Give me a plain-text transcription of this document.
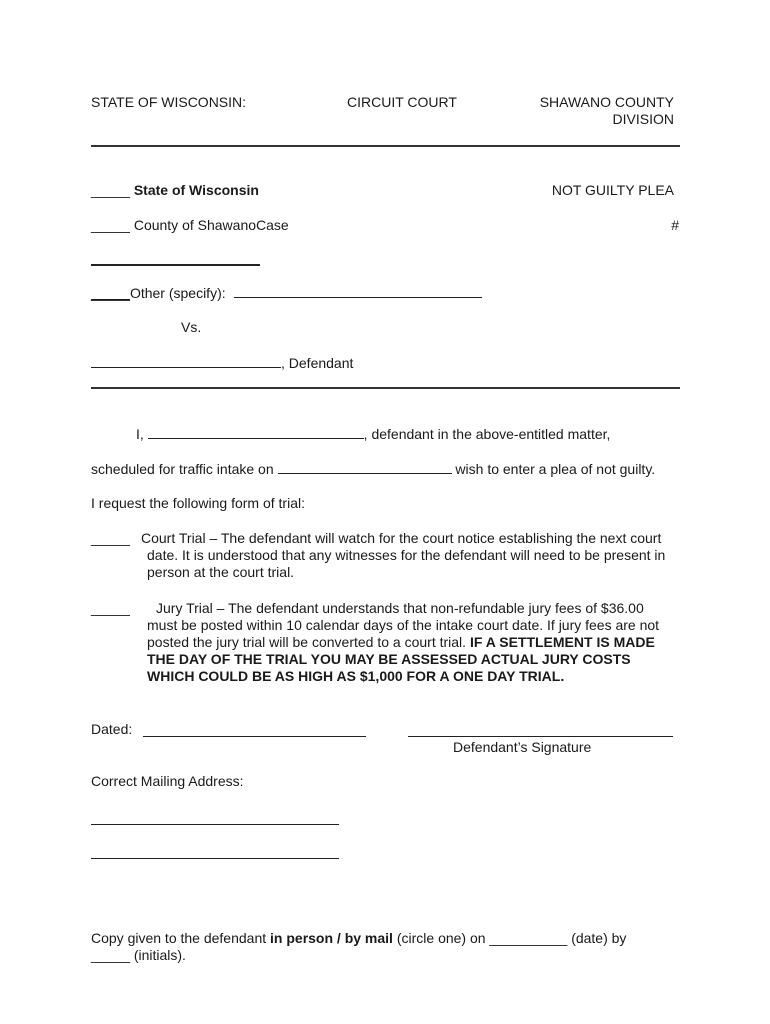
STATE OF WISCONSIN:	CIRCUIT COURT	SHAWANO COUNTY
DIVISION
_____ State of Wisconsin	NOT GUILTY PLEA
_____ County of ShawanoCase	#
_____Other (specify):
Vs.
, Defendant
I,	, defendant in the above-entitled matter,
scheduled for traffic intake on	wish to enter a plea of not guilty.
I request the following form of trial:
_____ Court Trial – The defendant will watch for the court notice establishing the next court date. It is understood that any witnesses for the defendant will need to be present in person at the court trial.
_____	Jury Trial – The defendant understands that non-refundable jury fees of $36.00 must be posted within 10 calendar days of the intake court date. If jury fees are not posted the jury trial will be converted to a court trial. IF A SETTLEMENT IS MADE THE DAY OF THE TRIAL YOU MAY BE ASSESSED ACTUAL JURY COSTS WHICH COULD BE AS HIGH AS $1,000 FOR A ONE DAY TRIAL.
Dated:
Defendant’s Signature
Correct Mailing Address:
Copy given to the defendant in person / by mail (circle one) on __________ (date) by
_____ (initials).
